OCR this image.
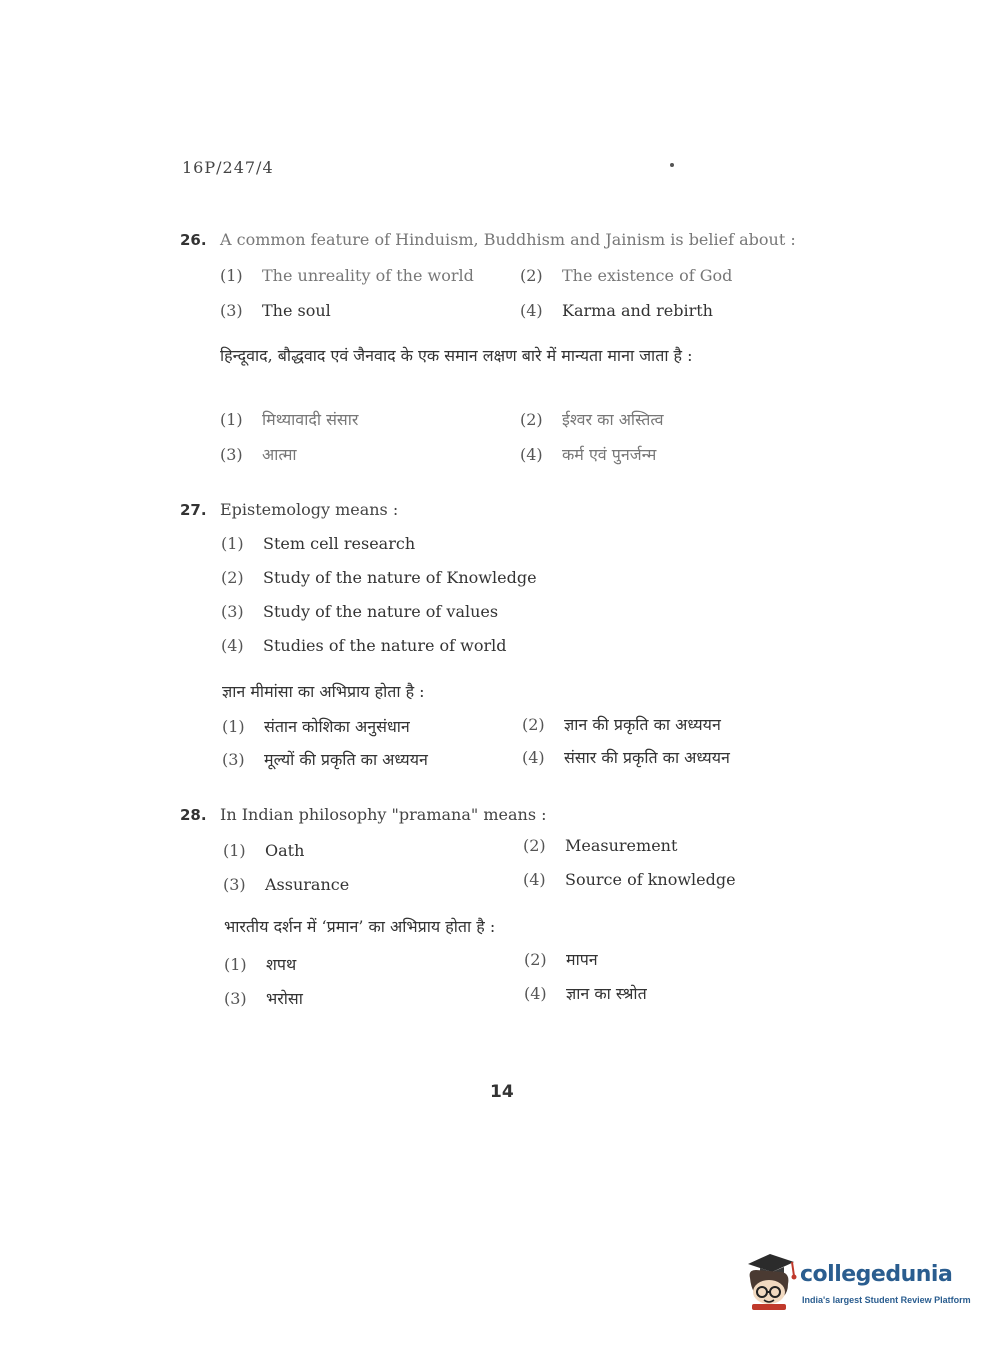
16P/247/4
26. A common feature of Hinduism, Buddhism and Jainism is belief about :
(1) The unreality of the world	(2) The existence of God
(3) The soul	(4) Karma and rebirth
हिन्दूवाद, बौद्धवाद एवं जैनवाद के एक समान लक्षण बारे में मान्यता माना जाता है :
(1) मिथ्यावादी संसार	(2) ईश्वर का अस्तित्व
(3) आत्मा	(4) कर्म एवं पुनर्जन्म
27. Epistemology means :
(1) Stem cell research
(2) Study of the nature of Knowledge
(3) Study of the nature of values
(4) Studies of the nature of world
ज्ञान मीमांसा का अभिप्राय होता है :
(1) संतान कोशिका अनुसंधान	(2) ज्ञान की प्रकृति का अध्ययन
(3) मूल्यों की प्रकृति का अध्ययन	(4) संसार की प्रकृति का अध्ययन
28. In Indian philosophy "pramana" means :
(1) Oath	(2) Measurement
(3) Assurance	(4) Source of knowledge
भारतीय दर्शन में ‘प्रमान’ का अभिप्राय होता है :
(1) शपथ	(2) मापन
(3) भरोसा	(4) ज्ञान का स्श्रोत
14
collegedunia
India's largest Student Review Platform
